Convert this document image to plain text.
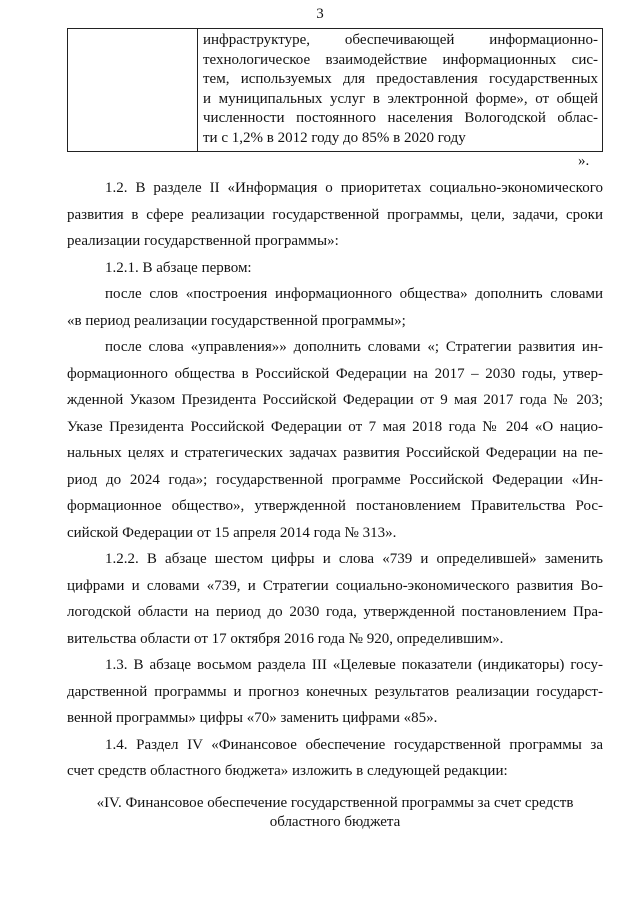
3
инфраструктуре, обеспечивающей информационно-
технологическое взаимодействие информационных сис-
тем, используемых для предоставления государственных
и муниципальных услуг в электронной форме», от общей
численности постоянного населения Вологодской облас-
ти с 1,2% в 2012 году до 85% в 2020 году
».
1.2. В разделе II «Информация о приоритетах социально-экономического
развития в сфере реализации государственной программы, цели, задачи, сроки
реализации государственной программы»:
1.2.1. В абзаце первом:
после слов «построения информационного общества» дополнить словами
«в период реализации государственной программы»;
после слова «управления»» дополнить словами «; Стратегии развития ин-
формационного общества в Российской Федерации на 2017 – 2030 годы, утвер-
жденной Указом Президента Российской Федерации от 9 мая 2017 года № 203;
Указе Президента Российской Федерации от 7 мая 2018 года № 204 «О нацио-
нальных целях и стратегических задачах развития Российской Федерации на пе-
риод до 2024 года»; государственной программе Российской Федерации «Ин-
формационное общество», утвержденной постановлением Правительства Рос-
сийской Федерации от 15 апреля 2014 года № 313».
1.2.2. В абзаце шестом цифры и слова «739 и определившей» заменить
цифрами и словами «739, и Стратегии социально-экономического развития Во-
логодской области на период до 2030 года, утвержденной постановлением Пра-
вительства области от 17 октября 2016 года № 920, определившим».
1.3. В абзаце восьмом раздела III «Целевые показатели (индикаторы) госу-
дарственной программы и прогноз конечных результатов реализации государст-
венной программы» цифры «70» заменить цифрами «85».
1.4. Раздел IV «Финансовое обеспечение государственной программы за
счет средств областного бюджета» изложить в следующей редакции:
«IV. Финансовое обеспечение государственной программы за счет средств
областного бюджета
